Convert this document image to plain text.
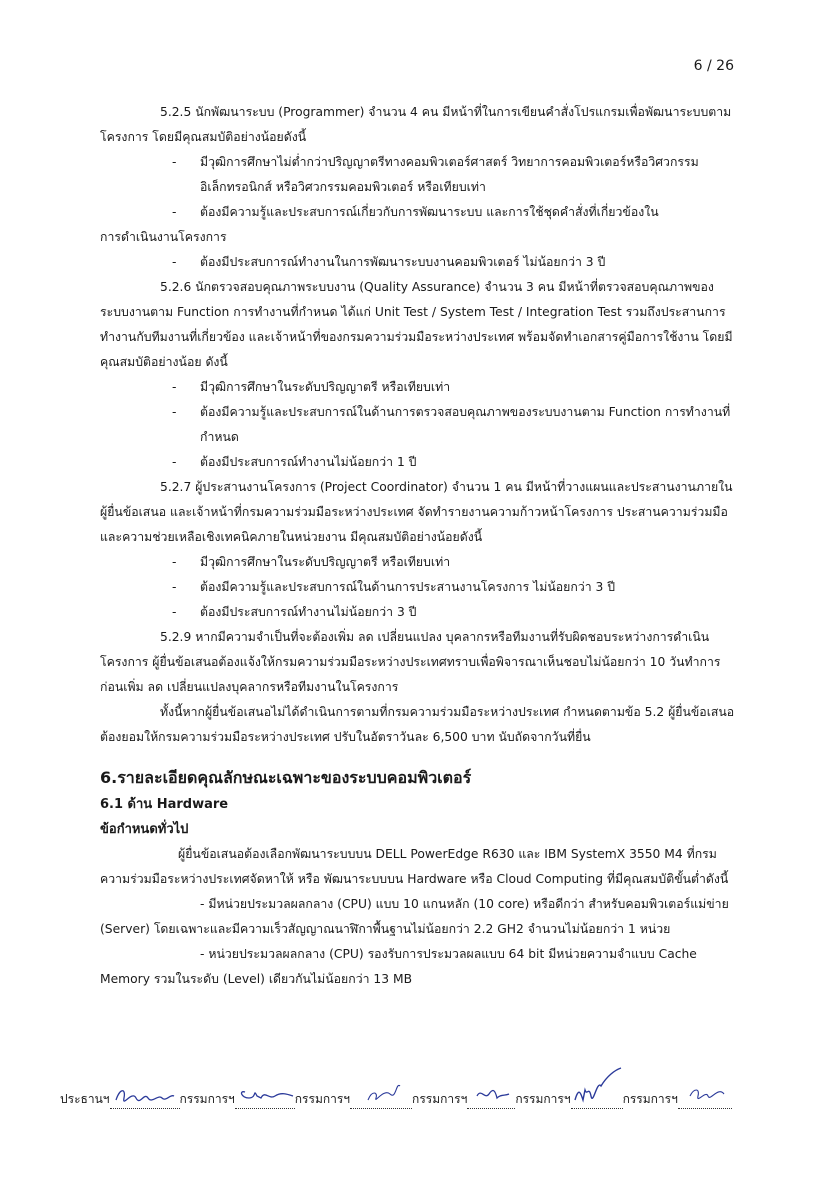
6 / 26

5.2.5 นักพัฒนาระบบ (Programmer) จำนวน 4 คน มีหน้าที่ในการเขียนคำสั่งโปรแกรมเพื่อพัฒนาระบบตามโครงการ โดยมีคุณสมบัติอย่างน้อยดังนี้

-	มีวุฒิการศึกษาไม่ต่ำกว่าปริญญาตรีทางคอมพิวเตอร์ศาสตร์ วิทยาการคอมพิวเตอร์หรือวิศวกรรมอิเล็กทรอนิกส์ หรือวิศวกรรมคอมพิวเตอร์ หรือเทียบเท่า
-	ต้องมีความรู้และประสบการณ์เกี่ยวกับการพัฒนาระบบ และการใช้ชุดคำสั่งที่เกี่ยวข้องใน

การดำเนินงานโครงการ

-	ต้องมีประสบการณ์ทำงานในการพัฒนาระบบงานคอมพิวเตอร์ ไม่น้อยกว่า 3 ปี

5.2.6 นักตรวจสอบคุณภาพระบบงาน (Quality Assurance) จำนวน 3 คน มีหน้าที่ตรวจสอบคุณภาพของระบบงานตาม Function การทำงานที่กำหนด ได้แก่ Unit Test / System Test / Integration Test รวมถึงประสานการทำงานกับทีมงานที่เกี่ยวข้อง และเจ้าหน้าที่ของกรมความร่วมมือระหว่างประเทศ พร้อมจัดทำเอกสารคู่มือการใช้งาน โดยมีคุณสมบัติอย่างน้อย ดังนี้

-	มีวุฒิการศึกษาในระดับปริญญาตรี หรือเทียบเท่า
-	ต้องมีความรู้และประสบการณ์ในด้านการตรวจสอบคุณภาพของระบบงานตาม Function การทำงานที่กำหนด
-	ต้องมีประสบการณ์ทำงานไม่น้อยกว่า 1 ปี

5.2.7 ผู้ประสานงานโครงการ (Project Coordinator) จำนวน 1 คน มีหน้าที่วางแผนและประสานงานภายในผู้ยื่นข้อเสนอ และเจ้าหน้าที่กรมความร่วมมือระหว่างประเทศ จัดทำรายงานความก้าวหน้าโครงการ ประสานความร่วมมือ และความช่วยเหลือเชิงเทคนิคภายในหน่วยงาน มีคุณสมบัติอย่างน้อยดังนี้

-	มีวุฒิการศึกษาในระดับปริญญาตรี หรือเทียบเท่า
-	ต้องมีความรู้และประสบการณ์ในด้านการประสานงานโครงการ ไม่น้อยกว่า 3 ปี
-	ต้องมีประสบการณ์ทำงานไม่น้อยกว่า 3 ปี

5.2.9 หากมีความจำเป็นที่จะต้องเพิ่ม ลด เปลี่ยนแปลง บุคลากรหรือทีมงานที่รับผิดชอบระหว่างการดำเนินโครงการ ผู้ยื่นข้อเสนอต้องแจ้งให้กรมความร่วมมือระหว่างประเทศทราบเพื่อพิจารณาเห็นชอบไม่น้อยกว่า 10 วันทำการ ก่อนเพิ่ม ลด เปลี่ยนแปลงบุคลากรหรือทีมงานในโครงการ

ทั้งนี้หากผู้ยื่นข้อเสนอไม่ได้ดำเนินการตามที่กรมความร่วมมือระหว่างประเทศ กำหนดตามข้อ 5.2 ผู้ยื่นข้อเสนอต้องยอมให้กรมความร่วมมือระหว่างประเทศ ปรับในอัตราวันละ 6,500 บาท นับถัดจากวันที่ยื่น

6.รายละเอียดคุณลักษณะเฉพาะของระบบคอมพิวเตอร์

6.1 ด้าน Hardware

ข้อกำหนดทั่วไป

ผู้ยื่นข้อเสนอต้องเลือกพัฒนาระบบบน DELL PowerEdge R630 และ IBM SystemX 3550 M4 ที่กรมความร่วมมือระหว่างประเทศจัดหาให้ หรือ พัฒนาระบบบน Hardware หรือ Cloud Computing ที่มีคุณสมบัติขั้นต่ำดังนี้

- มีหน่วยประมวลผลกลาง (CPU) แบบ 10 แกนหลัก (10 core) หรือดีกว่า สำหรับคอมพิวเตอร์แม่ข่าย (Server) โดยเฉพาะและมีความเร็วสัญญาณนาฬิกาพื้นฐานไม่น้อยกว่า 2.2 GH2 จำนวนไม่น้อยกว่า 1 หน่วย

- หน่วยประมวลผลกลาง (CPU) รองรับการประมวลผลแบบ 64 bit มีหน่วยความจำแบบ Cache Memory รวมในระดับ (Level) เดียวกันไม่น้อยกว่า 13 MB

ประธานฯ	กรรมการฯ	กรรมการฯ	กรรมการฯ	กรรมการฯ	กรรมการฯ
